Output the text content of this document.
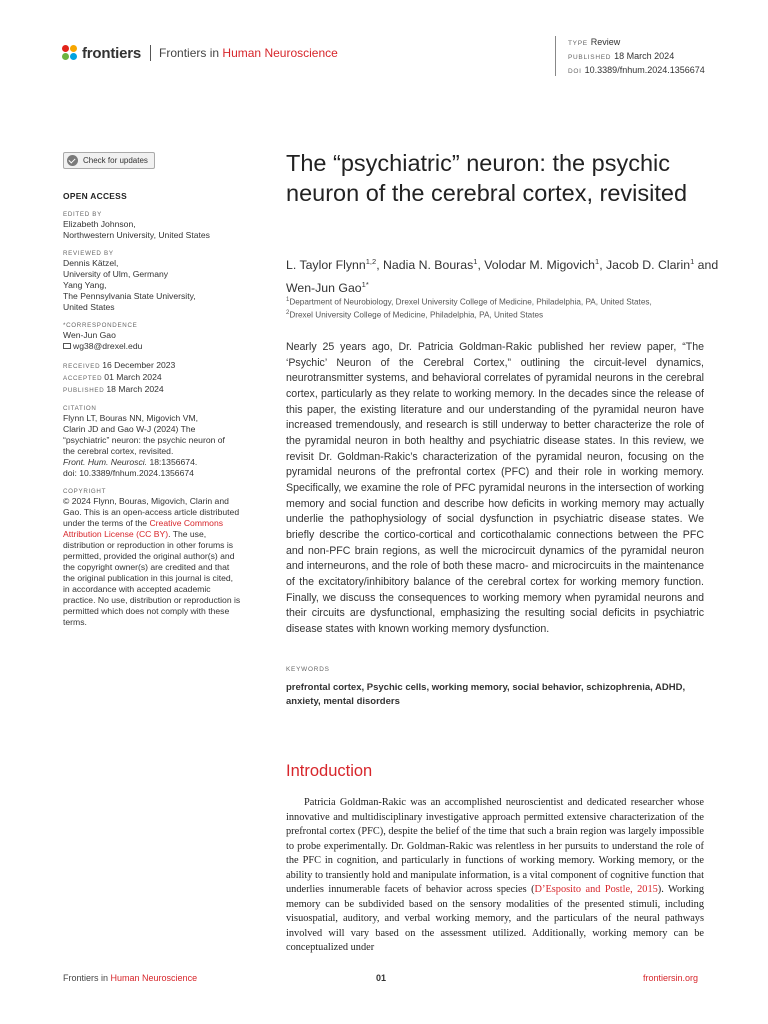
frontiers Frontiers in Human Neuroscience
TYPE Review
PUBLISHED 18 March 2024
DOI 10.3389/fnhum.2024.1356674
Check for updates
OPEN ACCESS
EDITED BY
Elizabeth Johnson,
Northwestern University, United States
REVIEWED BY
Dennis Kätzel,
University of Ulm, Germany
Yang Yang,
The Pennsylvania State University,
United States
*CORRESPONDENCE
Wen-Jun Gao
wg38@drexel.edu
RECEIVED 16 December 2023
ACCEPTED 01 March 2024
PUBLISHED 18 March 2024
CITATION
Flynn LT, Bouras NN, Migovich VM,
Clarin JD and Gao W-J (2024) The
“psychiatric” neuron: the psychic neuron of
the cerebral cortex, revisited.
Front. Hum. Neurosci. 18:1356674.
doi: 10.3389/fnhum.2024.1356674
COPYRIGHT
© 2024 Flynn, Bouras, Migovich, Clarin and Gao. This is an open-access article distributed under the terms of the Creative Commons Attribution License (CC BY). The use, distribution or reproduction in other forums is permitted, provided the original author(s) and the copyright owner(s) are credited and that the original publication in this journal is cited, in accordance with accepted academic practice. No use, distribution or reproduction is permitted which does not comply with these terms.
The “psychiatric” neuron: the psychic neuron of the cerebral cortex, revisited
L. Taylor Flynn$^{1,2}$, Nadia N. Bouras$^1$, Volodar M. Migovich$^1$, Jacob D. Clarin$^1$ and Wen-Jun Gao$^{1*}$
$^1$Department of Neurobiology, Drexel University College of Medicine, Philadelphia, PA, United States,
$^2$Drexel University College of Medicine, Philadelphia, PA, United States

Nearly 25 years ago, Dr. Patricia Goldman-Rakic published her review paper, “The ‘Psychic’ Neuron of the Cerebral Cortex,” outlining the circuit-level dynamics, neurotransmitter systems, and behavioral correlates of pyramidal neurons in the cerebral cortex, particularly as they relate to working memory. In the decades since the release of this paper, the existing literature and our understanding of the pyramidal neuron have increased tremendously, and research is still underway to better characterize the role of the pyramidal neuron in both healthy and psychiatric disease states. In this review, we revisit Dr. Goldman-Rakic’s characterization of the pyramidal neuron, focusing on the pyramidal neurons of the prefrontal cortex (PFC) and their role in working memory. Specifically, we examine the role of PFC pyramidal neurons in the intersection of working memory and social function and describe how deficits in working memory may actually underlie the pathophysiology of social dysfunction in psychiatric disease states. We briefly describe the cortico-cortical and corticothalamic connections between the PFC and non-PFC brain regions, as well the microcircuit dynamics of the pyramidal neuron and interneurons, and the role of both these macro- and microcircuits in the maintenance of the excitatory/inhibitory balance of the cerebral cortex for working memory function. Finally, we discuss the consequences to working memory when pyramidal neurons and their circuits are dysfunctional, emphasizing the resulting social deficits in psychiatric disease states with known working memory dysfunction.

KEYWORDS
prefrontal cortex, Psychic cells, working memory, social behavior, schizophrenia, ADHD, anxiety, mental disorders
Introduction

Patricia Goldman-Rakic was an accomplished neuroscientist and dedicated researcher whose innovative and multidisciplinary investigative approach permitted extensive characterization of the prefrontal cortex (PFC), despite the belief of the time that such a brain region was largely impossible to probe experimentally. Dr. Goldman-Rakic was relentless in her pursuits to understand the role of the PFC in cognition, and particularly in functions of working memory. Working memory, or the ability to transiently hold and manipulate information, is a vital component of cognitive function that underlies innumerable facets of behavior across species (D’Esposito and Postle, 2015). Working memory can be subdivided based on the sensory modalities of the presented stimuli, including visuospatial, auditory, and verbal working memory, and the particulars of the neural pathways involved will vary based on the assessment utilized. Additionally, working memory can be conceptualized under

Frontiers in Human Neuroscience	01	frontiersin.org
